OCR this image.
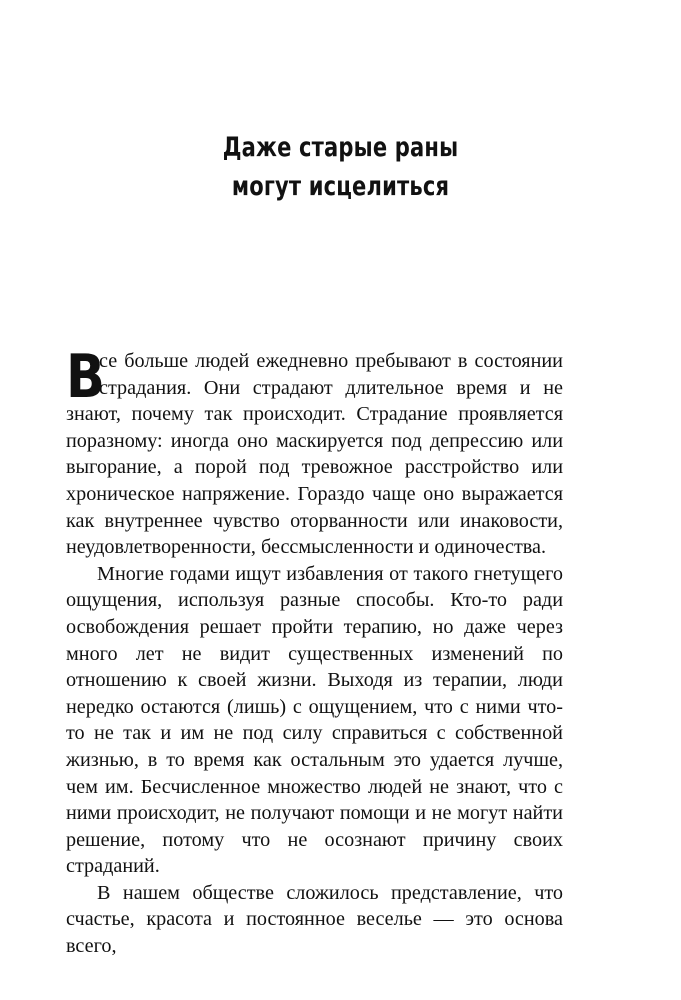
Даже старые раны
могут исцелиться

В
се больше людей ежедневно пребывают в состоянии страдания. Они страдают длительное время и не знают, почему так происходит. Страдание проявляется поразному: иногда оно маскируется под депрессию или выгорание, а порой под тревожное расстройство или хроническое напряжение. Гораздо чаще оно выражается как внутреннее чувство оторванности или инаковости, неудовлетворенности, бессмысленности и одиночества.

Многие годами ищут избавления от такого гнетущего ощущения, используя разные способы. Кто-то ради освобождения решает пройти терапию, но даже через много лет не видит существенных изменений по отношению к своей жизни. Выходя из терапии, люди нередко остаются (лишь) с ощущением, что с ними что-то не так и им не под силу справиться с собственной жизнью, в то время как остальным это удается лучше, чем им. Бесчисленное множество людей не знают, что с ними происходит, не получают помощи и не могут найти решение, потому что не осознают причину своих страданий.

В нашем обществе сложилось представление, что счастье, красота и постоянное веселье — это основа всего,
